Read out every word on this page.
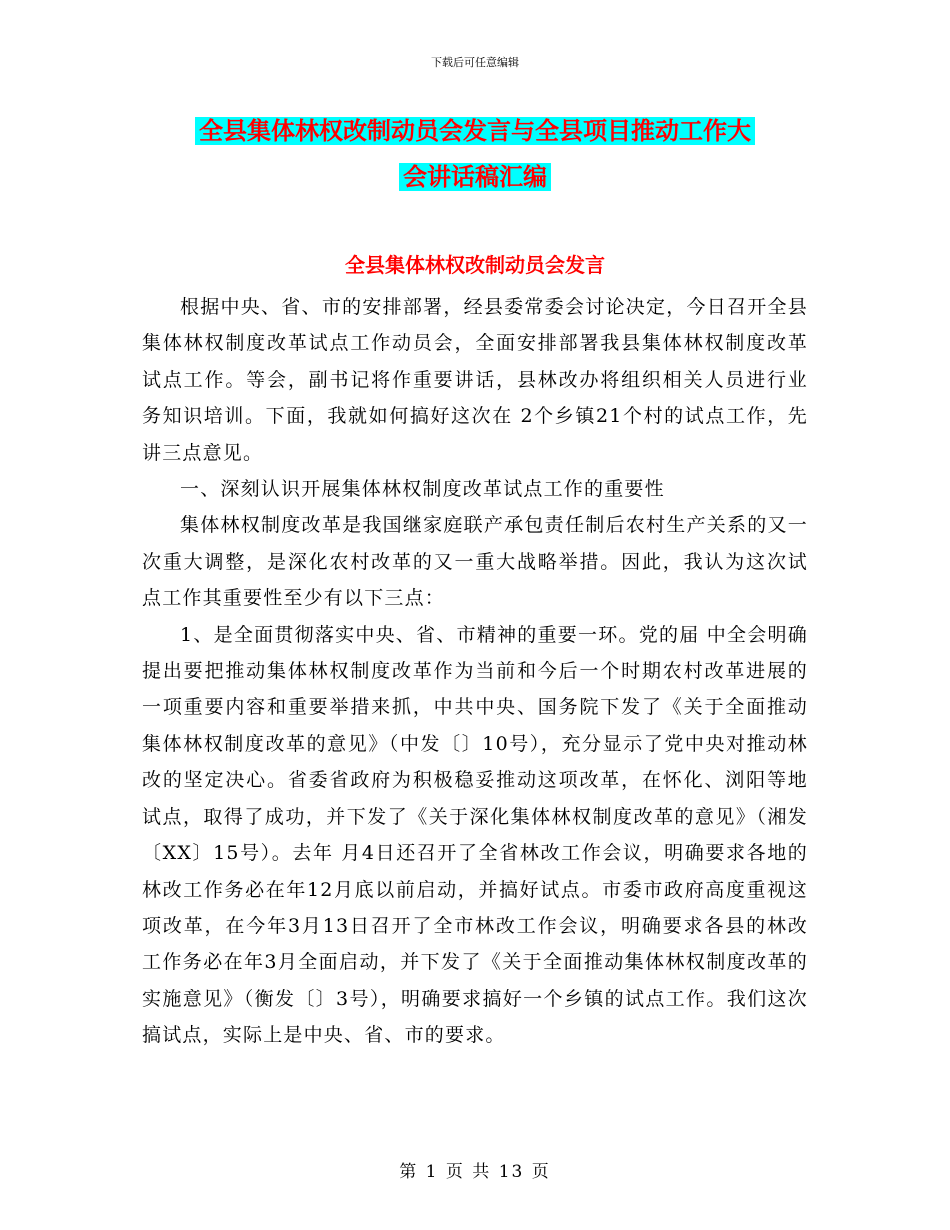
下载后可任意编辑
全县集体林权改制动员会发言与全县项目推动工作大
会讲话稿汇编
全县集体林权改制动员会发言

根据中央、省、市的安排部署，经县委常委会讨论决定，今日召开全县集体林权制度改革试点工作动员会，全面安排部署我县集体林权制度改革试点工作。等会，副书记将作重要讲话，县林改办将组织相关人员进行业务知识培训。下面，我就如何搞好这次在 2个乡镇21个村的试点工作，先讲三点意见。

一、深刻认识开展集体林权制度改革试点工作的重要性

集体林权制度改革是我国继家庭联产承包责任制后农村生产关系的又一次重大调整，是深化农村改革的又一重大战略举措。因此，我认为这次试点工作其重要性至少有以下三点：

1、是全面贯彻落实中央、省、市精神的重要一环。党的届 中全会明确提出要把推动集体林权制度改革作为当前和今后一个时期农村改革进展的一项重要内容和重要举措来抓，中共中央、国务院下发了《关于全面推动集体林权制度改革的意见》（中发〔〕10号），充分显示了党中央对推动林改的坚定决心。省委省政府为积极稳妥推动这项改革，在怀化、浏阳等地试点，取得了成功，并下发了《关于深化集体林权制度改革的意见》（湘发〔XX〕15号）。去年 月4日还召开了全省林改工作会议，明确要求各地的林改工作务必在年12月底以前启动，并搞好试点。市委市政府高度重视这项改革，在今年3月13日召开了全市林改工作会议，明确要求各县的林改工作务必在年3月全面启动，并下发了《关于全面推动集体林权制度改革的实施意见》（衡发〔〕3号），明确要求搞好一个乡镇的试点工作。我们这次搞试点，实际上是中央、省、市的要求。

第 1 页 共 13 页
